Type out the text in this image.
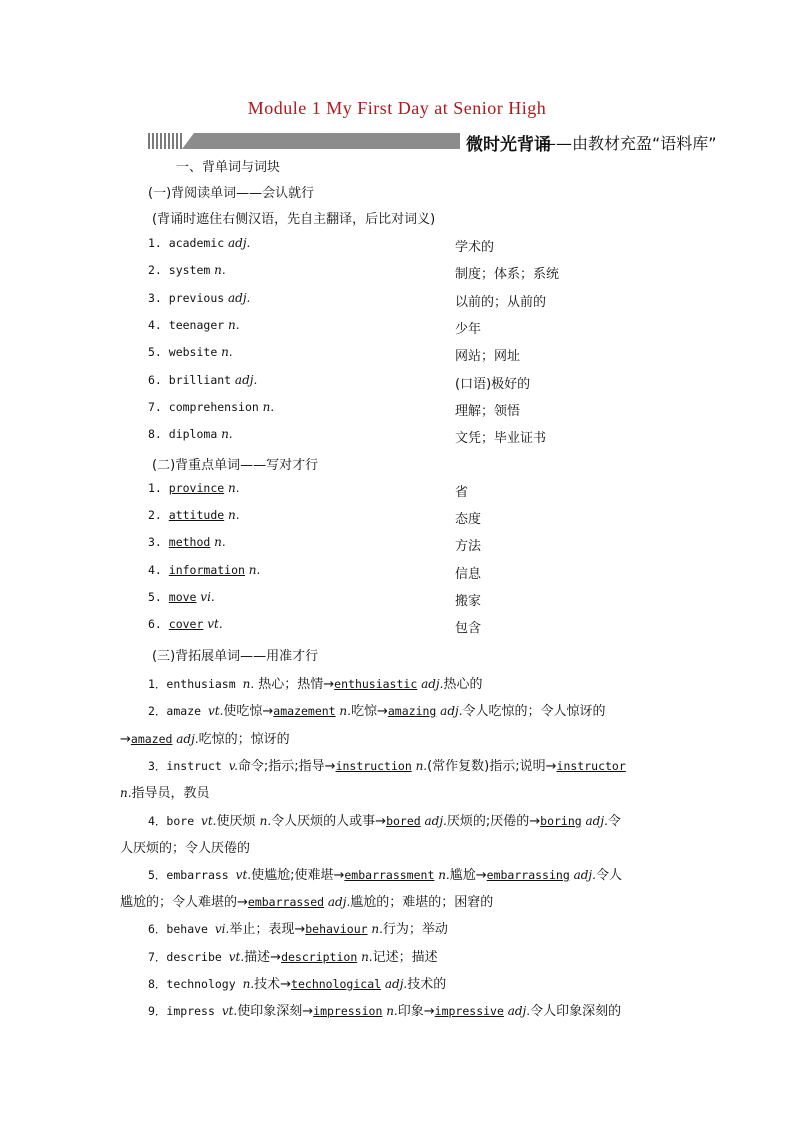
Module 1 My First Day at Senior High
微时光背诵
——由教材充盈“语料库”
一、背单词与词块
(一)背阅读单词——会认就行
(背诵时遮住右侧汉语，先自主翻译，后比对词义)
1. academic adj.	学术的
2. system n.	制度；体系；系统
3. previous adj.	以前的；从前的
4. teenager n.	少年
5. website n.	网站；网址
6. brilliant adj.	(口语)极好的
7. comprehension n.	理解；领悟
8. diploma n.	文凭；毕业证书
(二)背重点单词——写对才行
1. province n.	省
2. attitude n.	态度
3. method n.	方法
4. information n.	信息
5. move vi.	搬家
6. cover vt.	包含
(三)背拓展单词——用准才行
1．enthusiasm n. 热心；热情→enthusiastic adj.热心的
2．amaze vt.使吃惊→amazement n.吃惊→amazing adj.令人吃惊的；令人惊讶的
→amazed adj.吃惊的；惊讶的
3．instruct v.命令;指示;指导→instruction n.(常作复数)指示;说明→instructor
n.指导员，教员
4．bore vt.使厌烦 n.令人厌烦的人或事→bored adj.厌烦的;厌倦的→boring adj.令
人厌烦的；令人厌倦的
5．embarrass vt.使尴尬;使难堪→embarrassment n.尴尬→embarrassing adj.令人
尴尬的；令人难堪的→embarrassed adj.尴尬的；难堪的；困窘的
6．behave vi.举止；表现→behaviour n.行为；举动
7．describe vt.描述→description n.记述；描述
8．technology n.技术→technological adj.技术的
9．impress vt.使印象深刻→impression n.印象→impressive adj.令人印象深刻的
